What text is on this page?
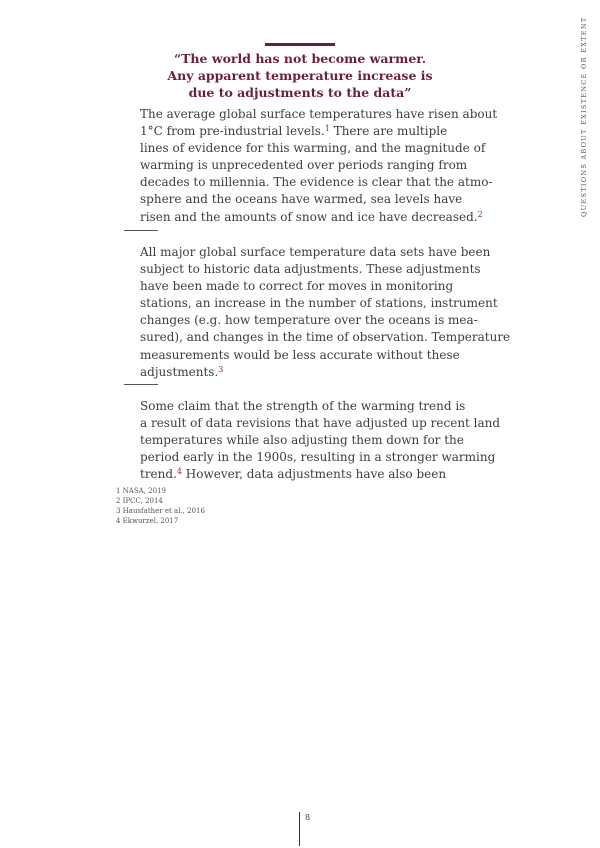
“The world has not become warmer.
Any apparent temperature increase is
due to adjustments to the data”	QUESTIONS ABOUT EXISTENCE OR EXTENT
The average global surface temperatures have risen about
1°C from pre-industrial levels.$^1$ There are multiple
lines of evidence for this warming, and the magnitude of
warming is unprecedented over periods ranging from
decades to millennia. The evidence is clear that the atmo-
sphere and the oceans have warmed, sea levels have
risen and the amounts of snow and ice have decreased.$^2$
All major global surface temperature data sets have been
subject to historic data adjustments. These adjustments
have been made to correct for moves in monitoring
stations, an increase in the number of stations, instrument
changes (e.g. how temperature over the oceans is mea-
sured), and changes in the time of observation. Temperature
measurements would be less accurate without these
adjustments.$^3$
Some claim that the strength of the warming trend is
a result of data revisions that have adjusted up recent land
temperatures while also adjusting them down for the
period early in the 1900s, resulting in a stronger warming
trend.$^4$ However, data adjustments have also been
1 NASA, 2019
2 IPCC, 2014
3 Hausfather et al., 2016
4 Ekwurzel, 2017
8
